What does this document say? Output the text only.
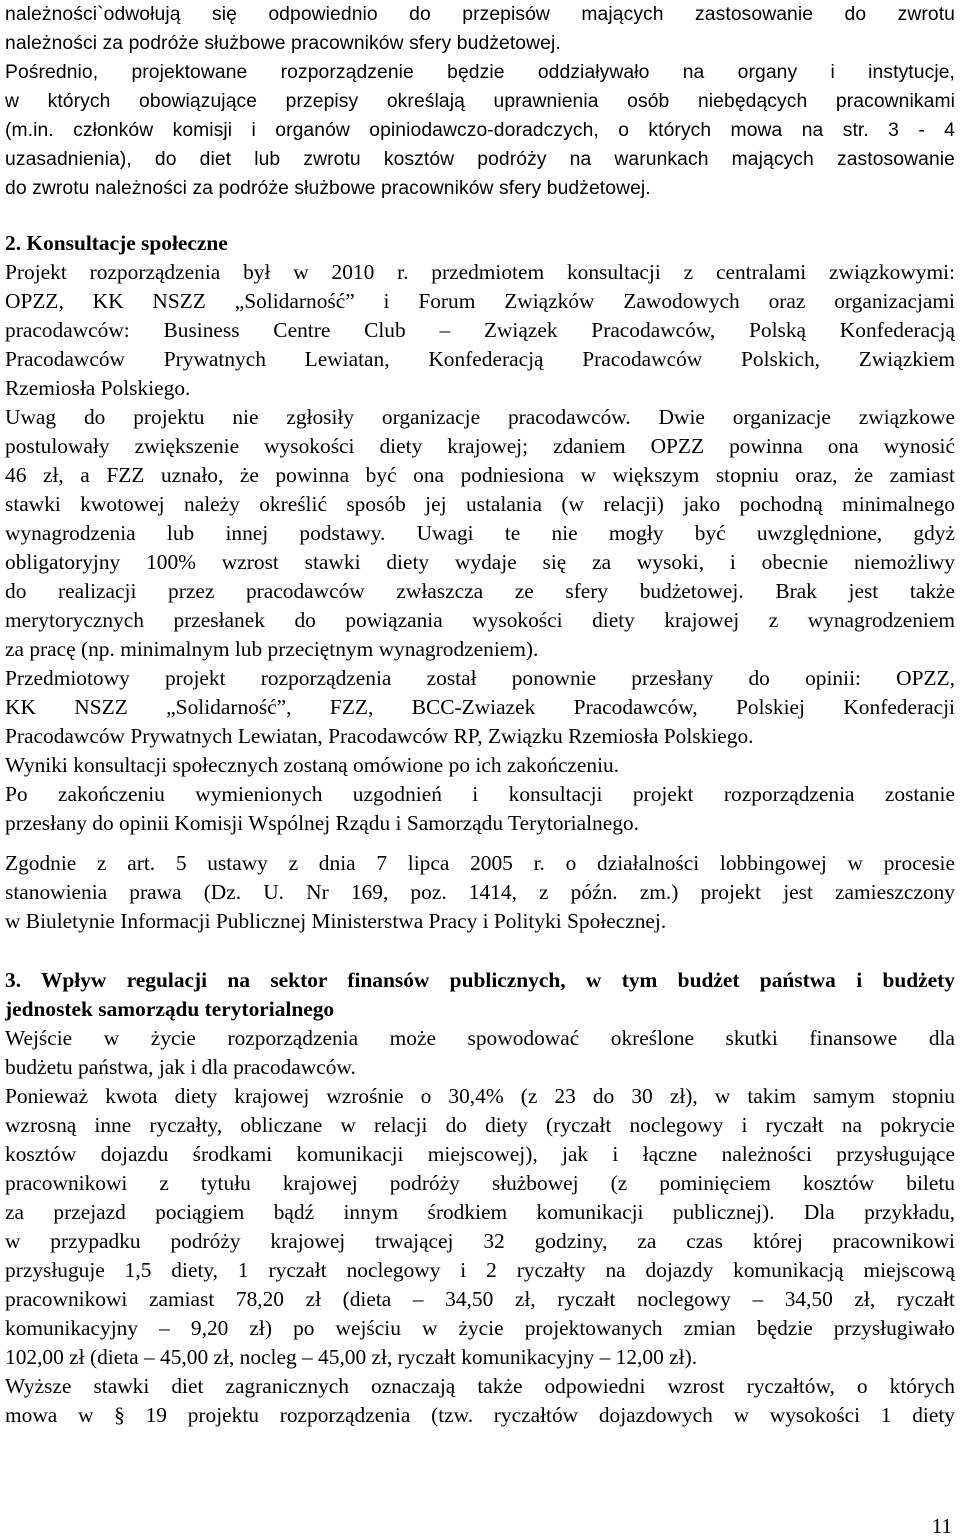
należności`odwołują się odpowiednio do przepisów mających zastosowanie do zwrotu
należności za podróże służbowe pracowników sfery budżetowej.
Pośrednio, projektowane rozporządzenie będzie oddziaływało na organy i instytucje,
w których obowiązujące przepisy określają uprawnienia osób niebędących pracownikami
(m.in. członków komisji i organów opiniodawczo-doradczych, o których mowa na str. 3 - 4
uzasadnienia), do diet lub zwrotu kosztów podróży na warunkach mających zastosowanie
do zwrotu należności za podróże służbowe pracowników sfery budżetowej.
2. Konsultacje społeczne
Projekt rozporządzenia był w 2010 r. przedmiotem konsultacji z centralami związkowymi:
OPZZ, KK NSZZ „Solidarność” i Forum Związków Zawodowych oraz organizacjami
pracodawców: Business Centre Club – Związek Pracodawców, Polską Konfederacją
Pracodawców Prywatnych Lewiatan, Konfederacją Pracodawców Polskich, Związkiem
Rzemiosła Polskiego.
Uwag do projektu nie zgłosiły organizacje pracodawców. Dwie organizacje związkowe
postulowały zwiększenie wysokości diety krajowej; zdaniem OPZZ powinna ona wynosić
46 zł, a FZZ uznało, że powinna być ona podniesiona w większym stopniu oraz, że zamiast
stawki kwotowej należy określić sposób jej ustalania (w relacji) jako pochodną minimalnego
wynagrodzenia lub innej podstawy. Uwagi te nie mogły być uwzględnione, gdyż
obligatoryjny 100% wzrost stawki diety wydaje się za wysoki, i obecnie niemożliwy
do realizacji przez pracodawców zwłaszcza ze sfery budżetowej. Brak jest także
merytorycznych przesłanek do powiązania wysokości diety krajowej z wynagrodzeniem
za pracę (np. minimalnym lub przeciętnym wynagrodzeniem).
Przedmiotowy projekt rozporządzenia został ponownie przesłany do opinii: OPZZ,
KK NSZZ „Solidarność”, FZZ, BCC-Zwiazek Pracodawców, Polskiej Konfederacji
Pracodawców Prywatnych Lewiatan, Pracodawców RP, Związku Rzemiosła Polskiego.
Wyniki konsultacji społecznych zostaną omówione po ich zakończeniu.
Po zakończeniu wymienionych uzgodnień i konsultacji projekt rozporządzenia zostanie
przesłany do opinii Komisji Wspólnej Rządu i Samorządu Terytorialnego.
Zgodnie z art. 5 ustawy z dnia 7 lipca 2005 r. o działalności lobbingowej w procesie
stanowienia prawa (Dz. U. Nr 169, poz. 1414, z późn. zm.) projekt jest zamieszczony
w Biuletynie Informacji Publicznej Ministerstwa Pracy i Polityki Społecznej.
3. Wpływ regulacji na sektor finansów publicznych, w tym budżet państwa i budżety
jednostek samorządu terytorialnego
Wejście w życie rozporządzenia może spowodować określone skutki finansowe dla
budżetu państwa, jak i dla pracodawców.
Ponieważ kwota diety krajowej wzrośnie o 30,4% (z 23 do 30 zł), w takim samym stopniu
wzrosną inne ryczałty, obliczane w relacji do diety (ryczałt noclegowy i ryczałt na pokrycie
kosztów dojazdu środkami komunikacji miejscowej), jak i łączne należności przysługujące
pracownikowi z tytułu krajowej podróży służbowej (z pominięciem kosztów biletu
za przejazd pociągiem bądź innym środkiem komunikacji publicznej). Dla przykładu,
w przypadku podróży krajowej trwającej 32 godziny, za czas której pracownikowi
przysługuje 1,5 diety, 1 ryczałt noclegowy i 2 ryczałty na dojazdy komunikacją miejscową
pracownikowi zamiast 78,20 zł (dieta – 34,50 zł, ryczałt noclegowy – 34,50 zł, ryczałt
komunikacyjny – 9,20 zł) po wejściu w życie projektowanych zmian będzie przysługiwało
102,00 zł (dieta – 45,00 zł, nocleg – 45,00 zł, ryczałt komunikacyjny – 12,00 zł).
Wyższe stawki diet zagranicznych oznaczają także odpowiedni wzrost ryczałtów, o których
mowa w § 19 projektu rozporządzenia (tzw. ryczałtów dojazdowych w wysokości 1 diety
11
